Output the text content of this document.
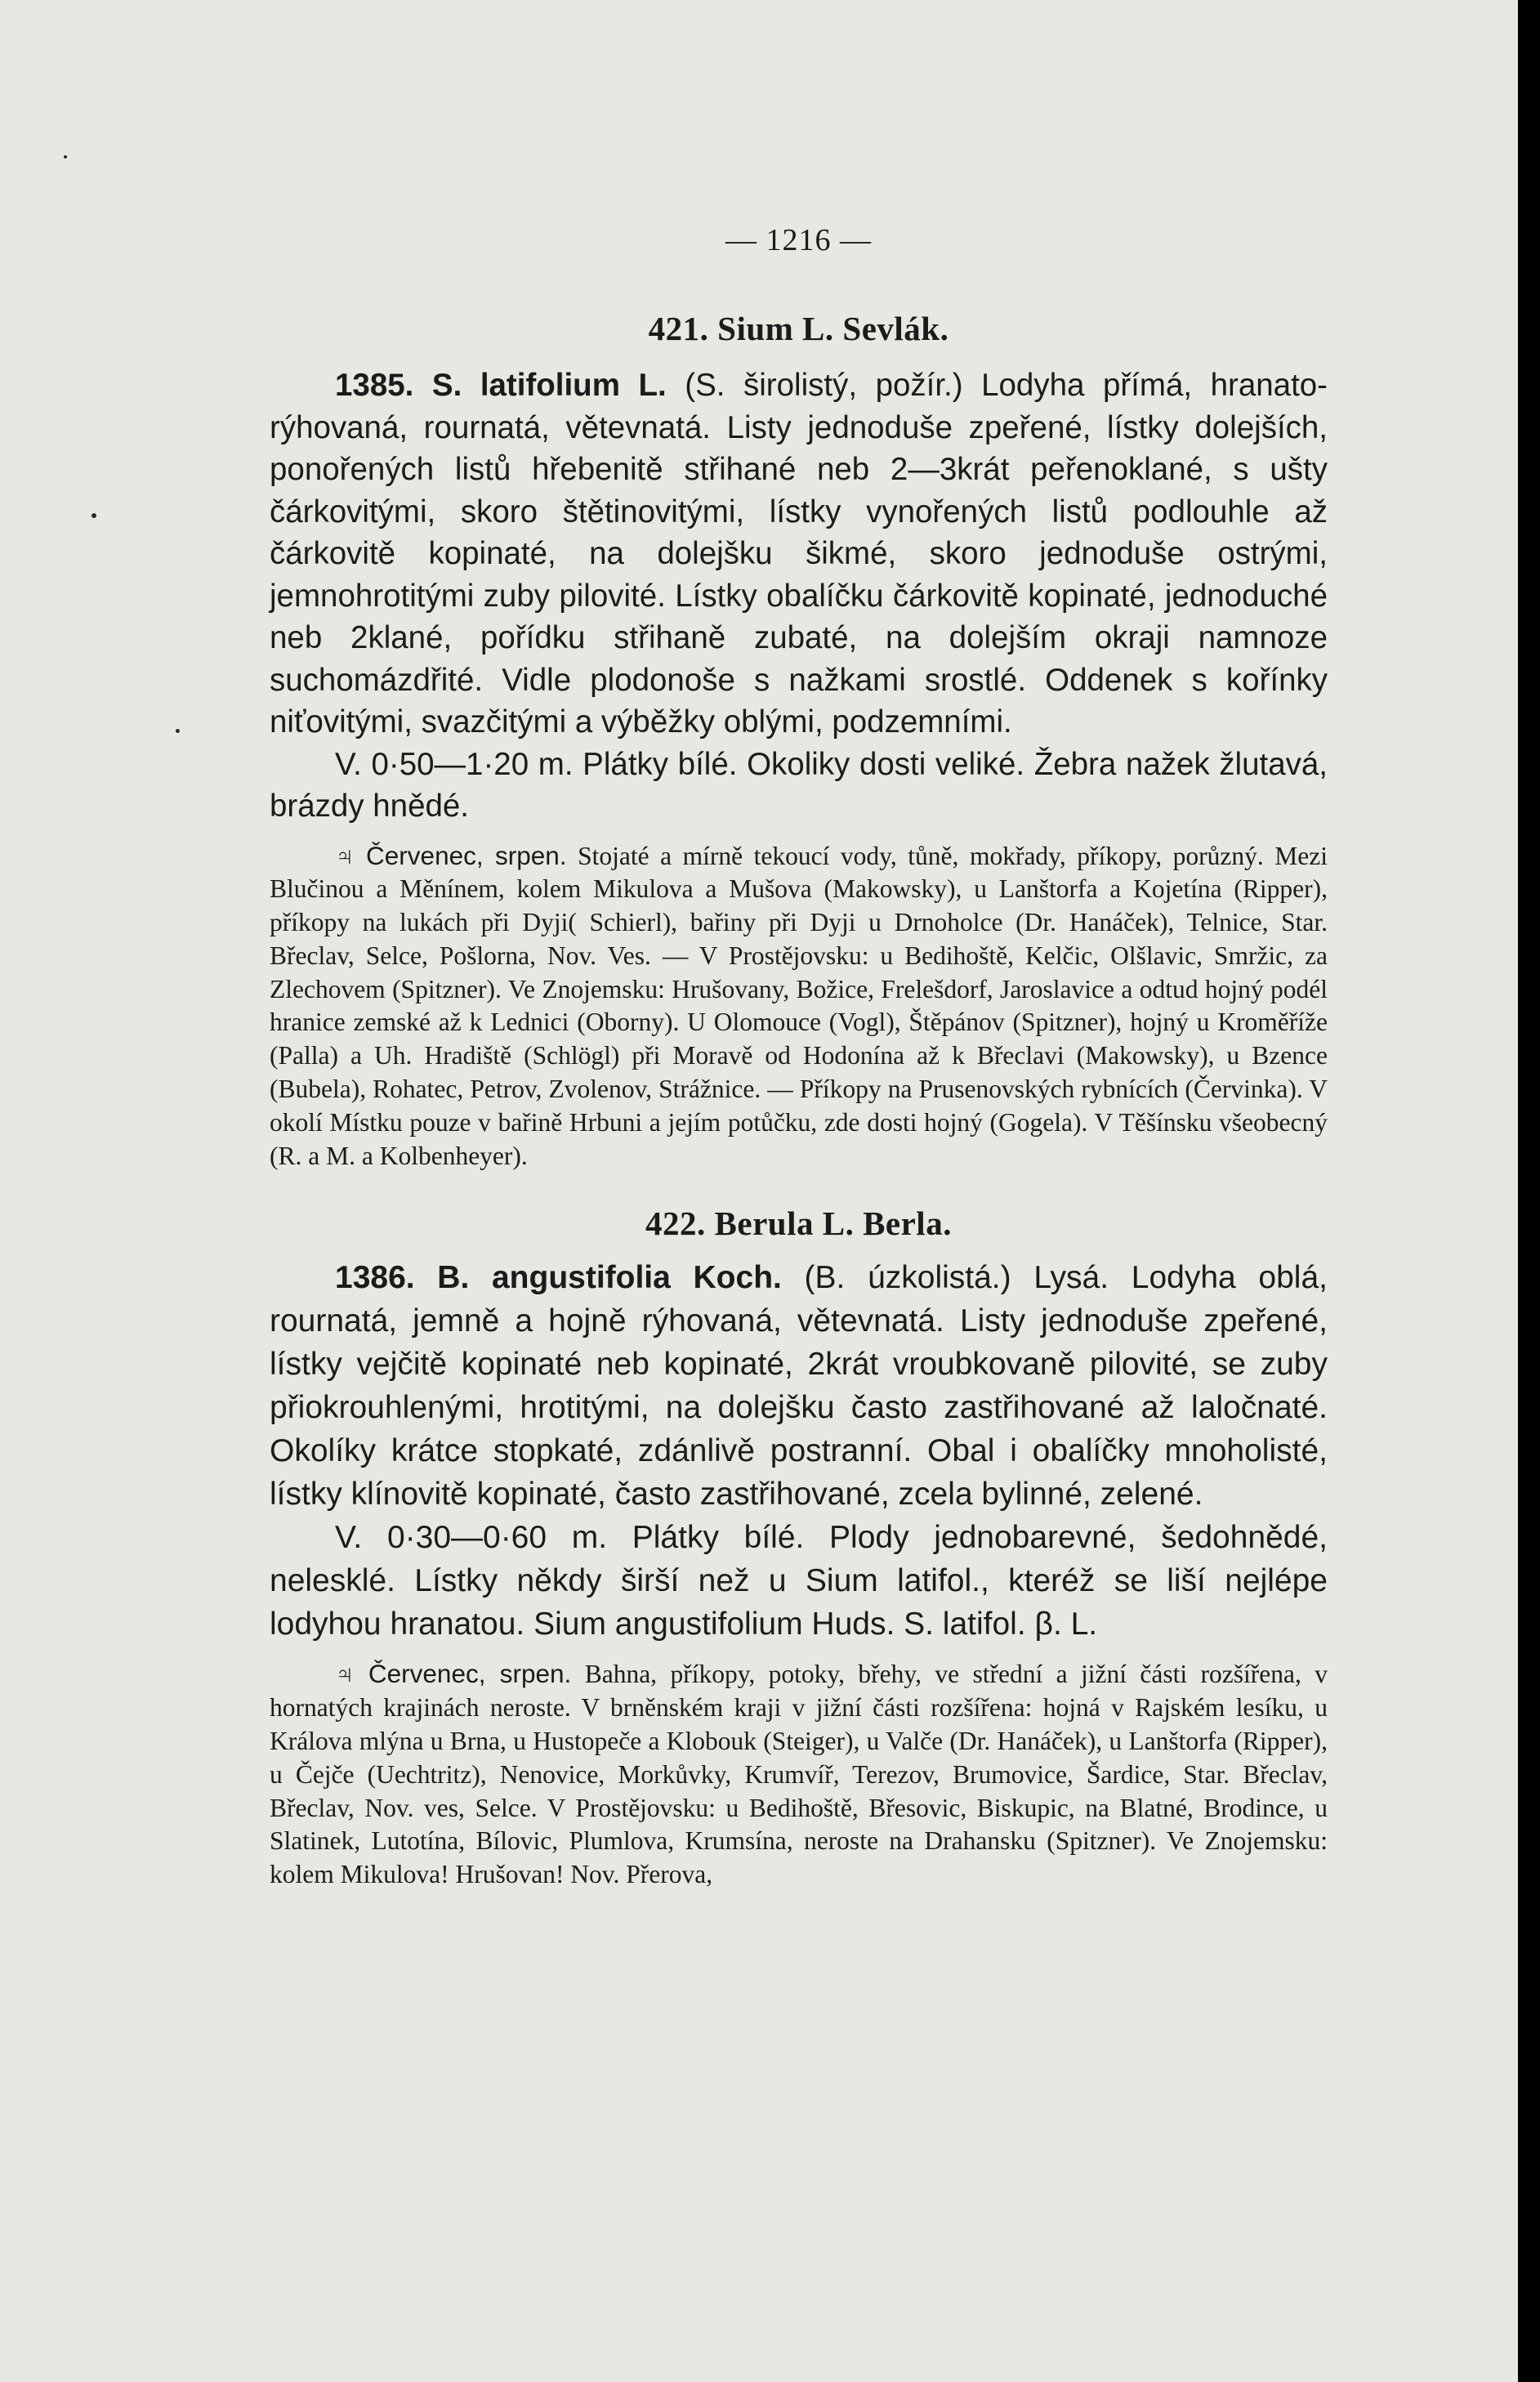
— 1216 —
421. Sium L. Sevlák.

1385. S. latifolium L. (S. širolistý, požír.) Lodyha přímá, hranato-rýhovaná, rournatá, větevnatá. Listy jednoduše zpeřené, lístky dolejších, ponořených listů hřebenitě střihané neb 2—3krát peřenoklané, s ušty čárkovitými, skoro štětinovitými, lístky vynořených listů podlouhle až čárkovitě kopinaté, na dolejšku šikmé, skoro jednoduše ostrými, jemnohrotitými zuby pilovité. Lístky obalíčku čárkovitě kopinaté, jednoduché neb 2klané, pořídku střihaně zubaté, na dolejším okraji namnoze suchomázdřité. Vidle plodonoše s nažkami srostlé. Oddenek s kořínky niťovitými, svazčitými a výběžky oblými, podzemními.

V. 0·50—1·20 m. Plátky bílé. Okoliky dosti veliké. Žebra nažek žlutavá, brázdy hnědé.

♃ Červenec, srpen. Stojaté a mírně tekoucí vody, tůně, mokřady, příkopy, porůzný. Mezi Blučinou a Měnínem, kolem Mikulova a Mušova (Makowsky), u Lanštorfa a Kojetína (Ripper), příkopy na lukách při Dyji( Schierl), bařiny při Dyji u Drnoholce (Dr. Hanáček), Telnice, Star. Břeclav, Selce, Pošlorna, Nov. Ves. — V Prostějovsku: u Bedihoště, Kelčic, Olšlavic, Smržic, za Zlechovem (Spitzner). Ve Znojemsku: Hrušovany, Božice, Frelešdorf, Jaroslavice a odtud hojný podél hranice zemské až k Lednici (Oborny). U Olomouce (Vogl), Štěpánov (Spitzner), hojný u Kroměříže (Palla) a Uh. Hradiště (Schlögl) při Moravě od Hodonína až k Břeclavi (Makowsky), u Bzence (Bubela), Rohatec, Petrov, Zvolenov, Strážnice. — Příkopy na Prusenovských rybnících (Červinka). V okolí Místku pouze v bařině Hrbuni a jejím potůčku, zde dosti hojný (Gogela). V Těšínsku všeobecný (R. a M. a Kolbenheyer).

422. Berula L. Berla.

1386. B. angustifolia Koch. (B. úzkolistá.) Lysá. Lodyha oblá, rournatá, jemně a hojně rýhovaná, větevnatá. Listy jednoduše zpeřené, lístky vejčitě kopinaté neb kopinaté, 2krát vroubkovaně pilovité, se zuby přiokrouhlenými, hrotitými, na dolejšku často zastřihované až laločnaté. Okolíky krátce stopkaté, zdánlivě postranní. Obal i obalíčky mnoholisté, lístky klínovitě kopinaté, často zastřihované, zcela bylinné, zelené.

V. 0·30—0·60 m. Plátky bílé. Plody jednobarevné, šedohnědé, nelesklé. Lístky někdy širší než u Sium latifol., kteréž se liší nejlépe lodyhou hranatou. Sium angustifolium Huds. S. latifol. β. L.

♃ Červenec, srpen. Bahna, příkopy, potoky, břehy, ve střední a jižní části rozšířena, v hornatých krajinách neroste. V brněnském kraji v jižní části rozšířena: hojná v Rajském lesíku, u Králova mlýna u Brna, u Hustopeče a Klobouk (Steiger), u Valče (Dr. Hanáček), u Lanštorfa (Ripper), u Čejče (Uechtritz), Nenovice, Morkůvky, Krumvíř, Terezov, Brumovice, Šardice, Star. Břeclav, Břeclav, Nov. ves, Selce. V Prostějovsku: u Bedihoště, Břesovic, Biskupic, na Blatné, Brodince, u Slatinek, Lutotína, Bílovic, Plumlova, Krumsína, neroste na Drahansku (Spitzner). Ve Znojemsku: kolem Mikulova! Hrušovan! Nov. Přerova,
